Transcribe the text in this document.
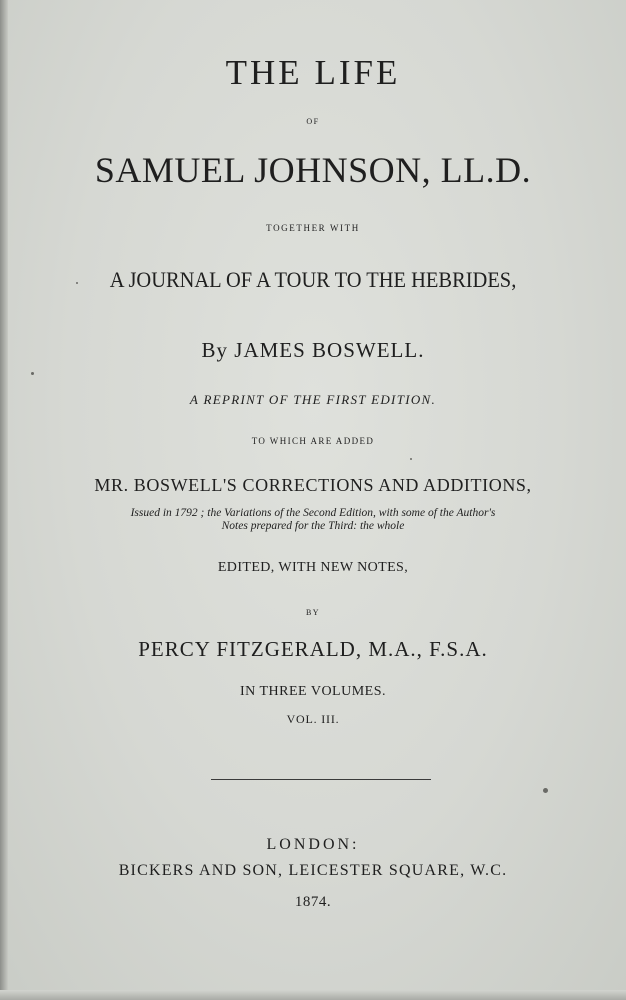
THE LIFE
OF
SAMUEL JOHNSON, LL.D.
TOGETHER WITH
A JOURNAL OF A TOUR TO THE HEBRIDES,
By JAMES BOSWELL.
A REPRINT OF THE FIRST EDITION.
TO WHICH ARE ADDED
MR. BOSWELL'S CORRECTIONS AND ADDITIONS,
Issued in 1792 ; the Variations of the Second Edition, with some of the Author's
Notes prepared for the Third: the whole
EDITED, WITH NEW NOTES,
BY
PERCY FITZGERALD, M.A., F.S.A.
IN THREE VOLUMES.
VOL. III.
LONDON:
BICKERS AND SON, LEICESTER SQUARE, W.C.
1874.
